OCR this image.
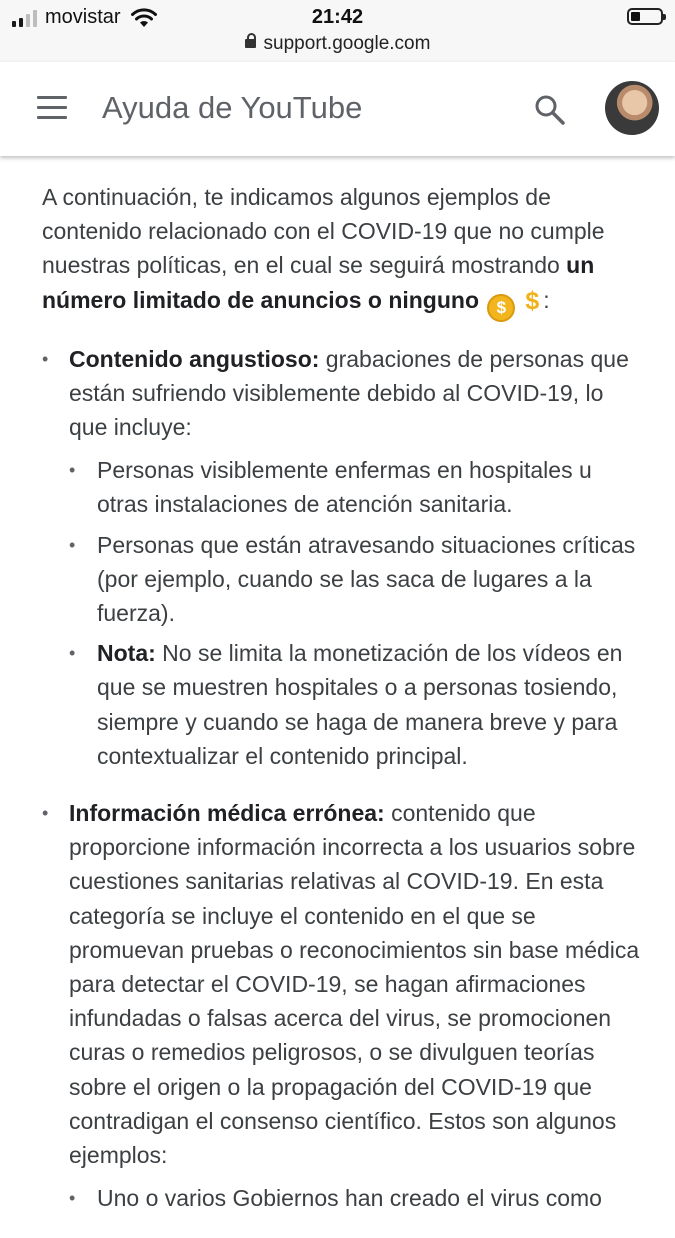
movistar	21:42
support.google.com
Ayuda de YouTube

A continuación, te indicamos algunos ejemplos de contenido relacionado con el COVID-19 que no cumple nuestras políticas, en el cual se seguirá mostrando un número limitado de anuncios o ninguno $ $ :

• Contenido angustioso: grabaciones de personas que están sufriendo visiblemente debido al COVID-19, lo que incluye:
• Personas visiblemente enfermas en hospitales u otras instalaciones de atención sanitaria.
• Personas que están atravesando situaciones críticas (por ejemplo, cuando se las saca de lugares a la fuerza).
• Nota: No se limita la monetización de los vídeos en que se muestren hospitales o a personas tosiendo, siempre y cuando se haga de manera breve y para contextualizar el contenido principal.
• Información médica errónea: contenido que proporcione información incorrecta a los usuarios sobre cuestiones sanitarias relativas al COVID-19. En esta categoría se incluye el contenido en el que se promuevan pruebas o reconocimientos sin base médica para detectar el COVID-19, se hagan afirmaciones infundadas o falsas acerca del virus, se promocionen curas o remedios peligrosos, o se divulguen teorías sobre el origen o la propagación del COVID-19 que contradigan el consenso científico. Estos son algunos ejemplos:
• Uno o varios Gobiernos han creado el virus como
